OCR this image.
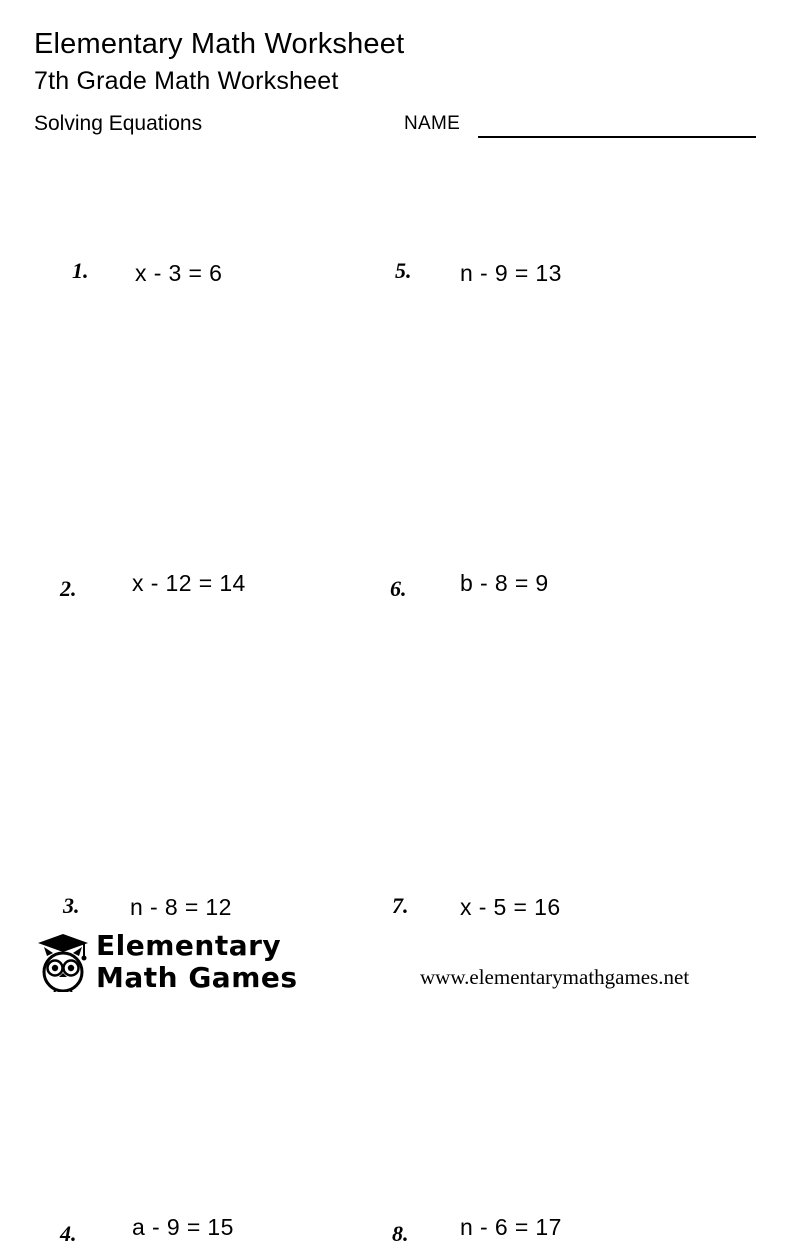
Elementary Math Worksheet
7th Grade Math Worksheet
Solving Equations	NAME
1. x - 3 = 6	5. n - 9 = 13
2. x - 12 = 14	6. b - 8 = 9
3. n - 8 = 12	7. x - 5 = 16
4. a - 9 = 15	8. n - 6 = 17
Elementary
Math Games	www.elementarymathgames.net
